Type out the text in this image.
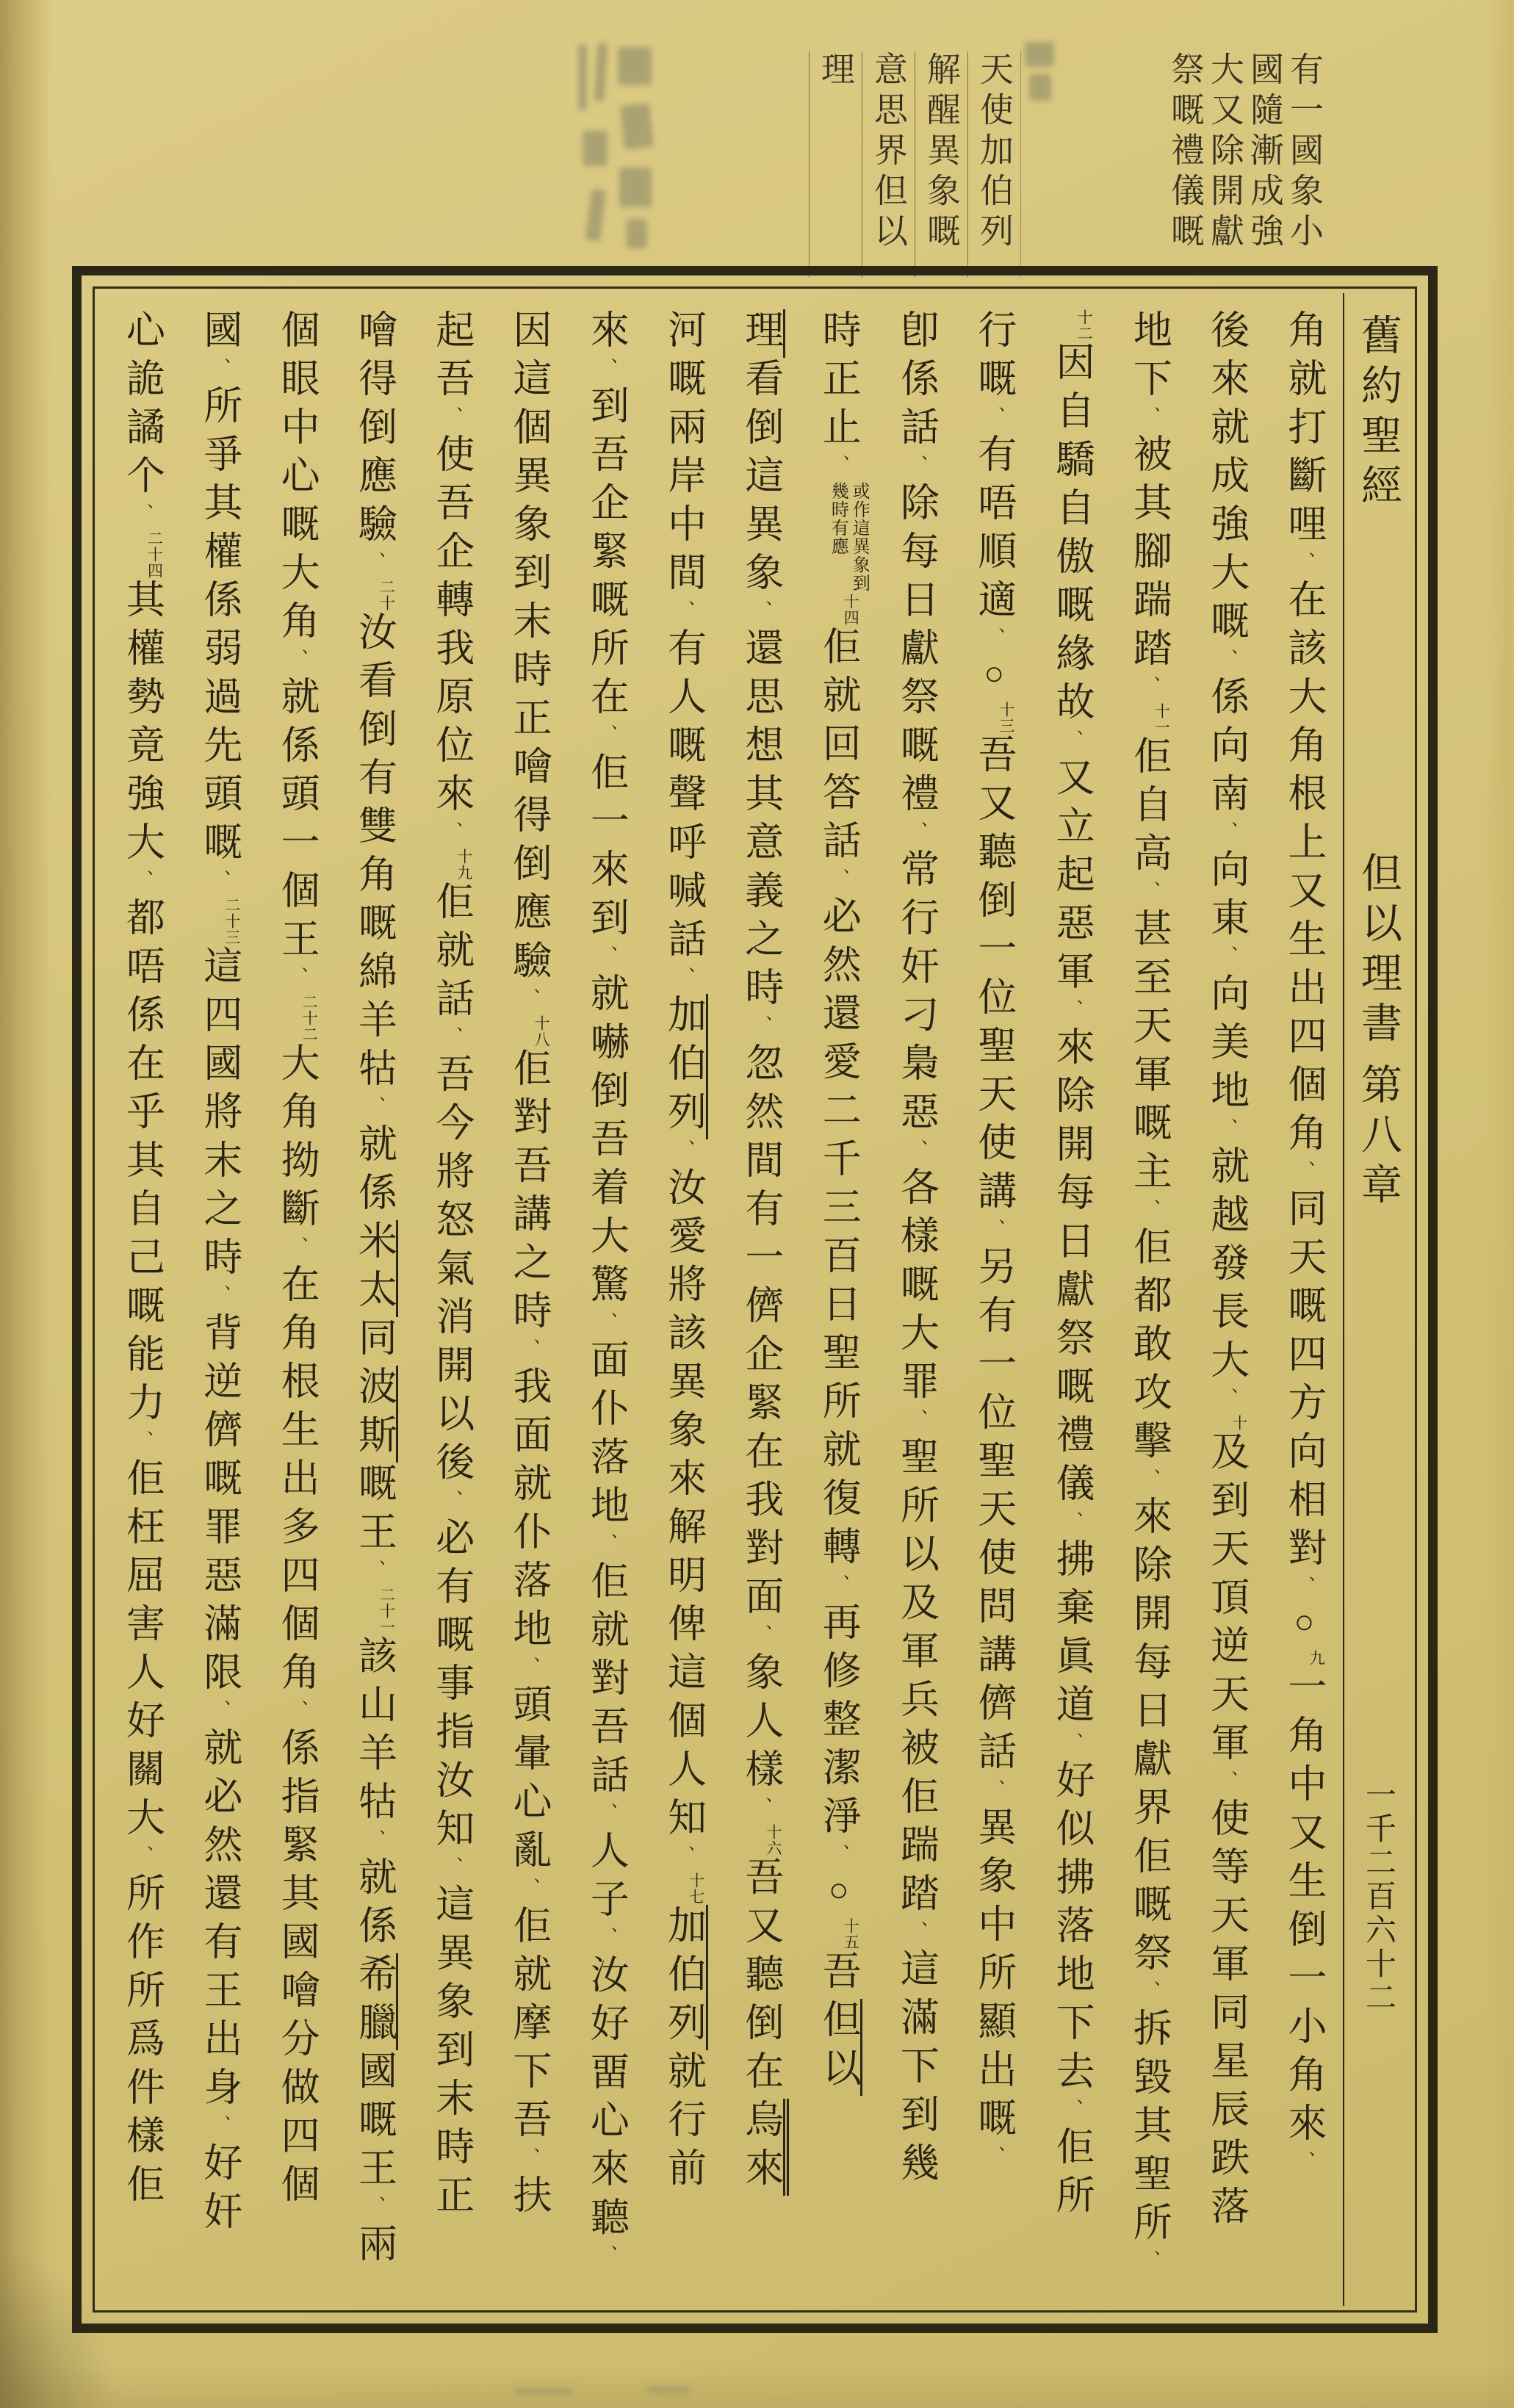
有一國象小
國隨漸成強
大又除開獻
祭嘅禮儀嘅
天使加伯列
解醒異象嘅
意思界但以
理
舊約聖經但以理書第八章一千二百六十二
角就打斷哩、在該大角根上又生出四個角、同天嘅四方向相對、○九一角中又生倒一小角來、
後來就成強大嘅、係向南、向東、向美地、就越發長大、十及到天頂逆天軍、使等天軍同星辰跌落
地下、被其腳踹踏、十一佢自高、甚至天軍嘅主、佢都敢攻擊、來除開每日獻界佢嘅祭、拆毀其聖所、
十二因自驕自傲嘅緣故、又立起惡軍、來除開每日獻祭嘅禮儀、拂棄眞道、好似拂落地下去、佢所
行嘅、有唔順適、○十三吾又聽倒一位聖天使講、另有一位聖天使問講儕話、異象中所顯出嘅、
卽係話、除每日獻祭嘅禮、常行奸刁梟惡、各樣嘅大罪、聖所以及軍兵被佢踹踏、這滿下到幾
時正止、或作這異象到幾時有應十四佢就回答話、必然還愛二千三百日聖所就復轉、再修整潔淨、○十五吾但以
理看倒這異象、還思想其意義之時、忽然間有一儕企緊在我對面、象人樣、十六吾又聽倒在烏來
河嘅兩岸中間、有人嘅聲呼喊話、加伯列、汝愛將該異象來解明俾這個人知、十七加伯列就行前
來、到吾企緊嘅所在、佢一來到、就嚇倒吾着大驚、面仆落地、佢就對吾話、人子、汝好畱心來聽、
因這個異象到末時正噲得倒應驗、十八佢對吾講之時、我面就仆落地、頭暈心亂、佢就摩下吾、扶
起吾、使吾企轉我原位來、十九佢就話、吾今將怒氣消開以後、必有嘅事指汝知、這異象到末時正
噲得倒應驗、二十汝看倒有雙角嘅綿羊牯、就係米太同波斯嘅王、二十一該山羊牯、就係希臘國嘅王、兩
個眼中心嘅大角、就係頭一個王、二十二大角拗斷、在角根生出多四個角、係指緊其國噲分做四個
國、所爭其權係弱過先頭嘅、二十三這四國將末之時、背逆儕嘅罪惡滿限、就必然還有王出身、好奸
心詭譎个、二十四其權勢竟強大、都唔係在乎其自己嘅能力、佢枉屈害人好關大、所作所爲件樣佢
